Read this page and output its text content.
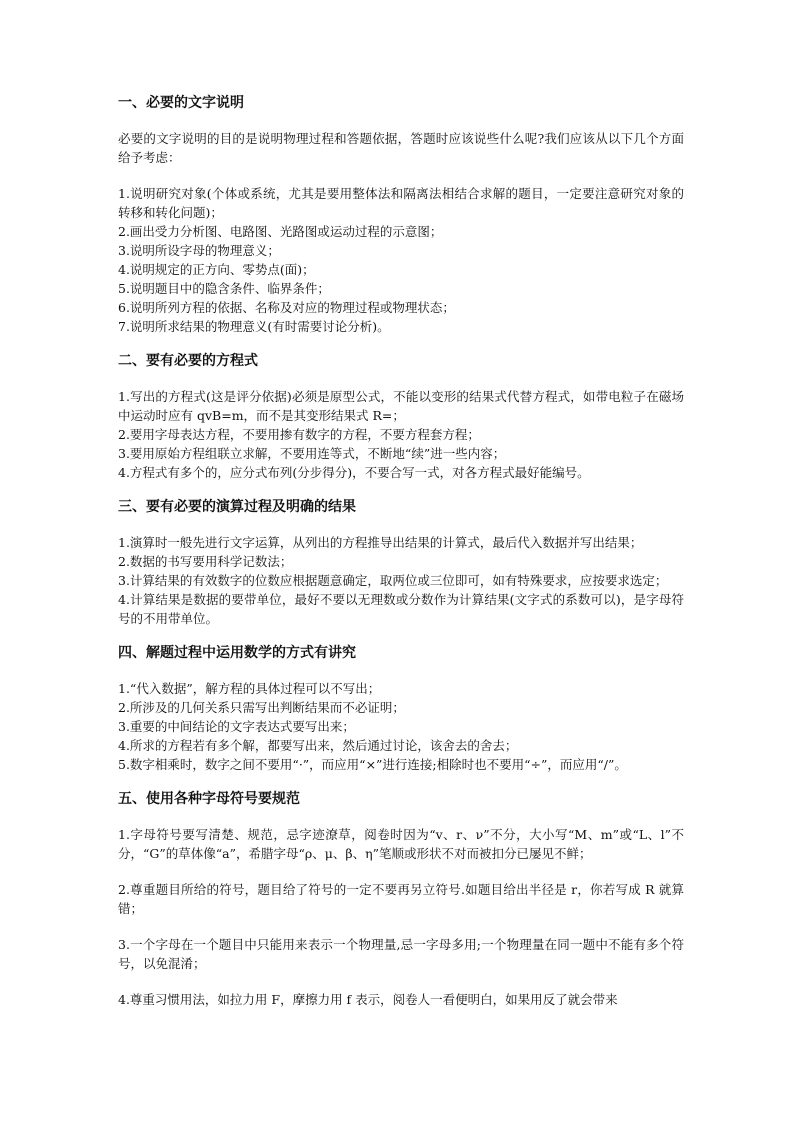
一、必要的文字说明

必要的文字说明的目的是说明物理过程和答题依据，答题时应该说些什么呢?我们应该从以下几个方面给予考虑：

1.说明研究对象(个体或系统，尤其是要用整体法和隔离法相结合求解的题目，一定要注意研究对象的转移和转化问题)；

2.画出受力分析图、电路图、光路图或运动过程的示意图；

3.说明所设字母的物理意义；

4.说明规定的正方向、零势点(面)；

5.说明题目中的隐含条件、临界条件；

6.说明所列方程的依据、名称及对应的物理过程或物理状态；

7.说明所求结果的物理意义(有时需要讨论分析)。

二、要有必要的方程式

1.写出的方程式(这是评分依据)必须是原型公式，不能以变形的结果式代替方程式，如带电粒子在磁场中运动时应有 qvB=m，而不是其变形结果式 R=；

2.要用字母表达方程，不要用掺有数字的方程，不要方程套方程；

3.要用原始方程组联立求解，不要用连等式，不断地“续”进一些内容；

4.方程式有多个的，应分式布列(分步得分)，不要合写一式，对各方程式最好能编号。

三、要有必要的演算过程及明确的结果

1.演算时一般先进行文字运算，从列出的方程推导出结果的计算式，最后代入数据并写出结果；

2.数据的书写要用科学记数法；

3.计算结果的有效数字的位数应根据题意确定，取两位或三位即可，如有特殊要求，应按要求选定；

4.计算结果是数据的要带单位，最好不要以无理数或分数作为计算结果(文字式的系数可以)，是字母符号的不用带单位。

四、解题过程中运用数学的方式有讲究

1.“代入数据”，解方程的具体过程可以不写出；

2.所涉及的几何关系只需写出判断结果而不必证明；

3.重要的中间结论的文字表达式要写出来；

4.所求的方程若有多个解，都要写出来，然后通过讨论，该舍去的舍去；

5.数字相乘时，数字之间不要用“·”，而应用“×”进行连接;相除时也不要用“÷”，而应用“/”。

五、使用各种字母符号要规范

1.字母符号要写清楚、规范，忌字迹潦草，阅卷时因为“v、r、ν”不分，大小写“M、m”或“L、l”不分，“G”的草体像“a”，希腊字母“ρ、μ、β、η”笔顺或形状不对而被扣分已屡见不鲜；

2.尊重题目所给的符号，题目给了符号的一定不要再另立符号.如题目给出半径是 r，你若写成 R 就算错；

3.一个字母在一个题目中只能用来表示一个物理量,忌一字母多用;一个物理量在同一题中不能有多个符号，以免混淆；

4.尊重习惯用法，如拉力用 F，摩擦力用 f 表示，阅卷人一看便明白，如果用反了就会带来
